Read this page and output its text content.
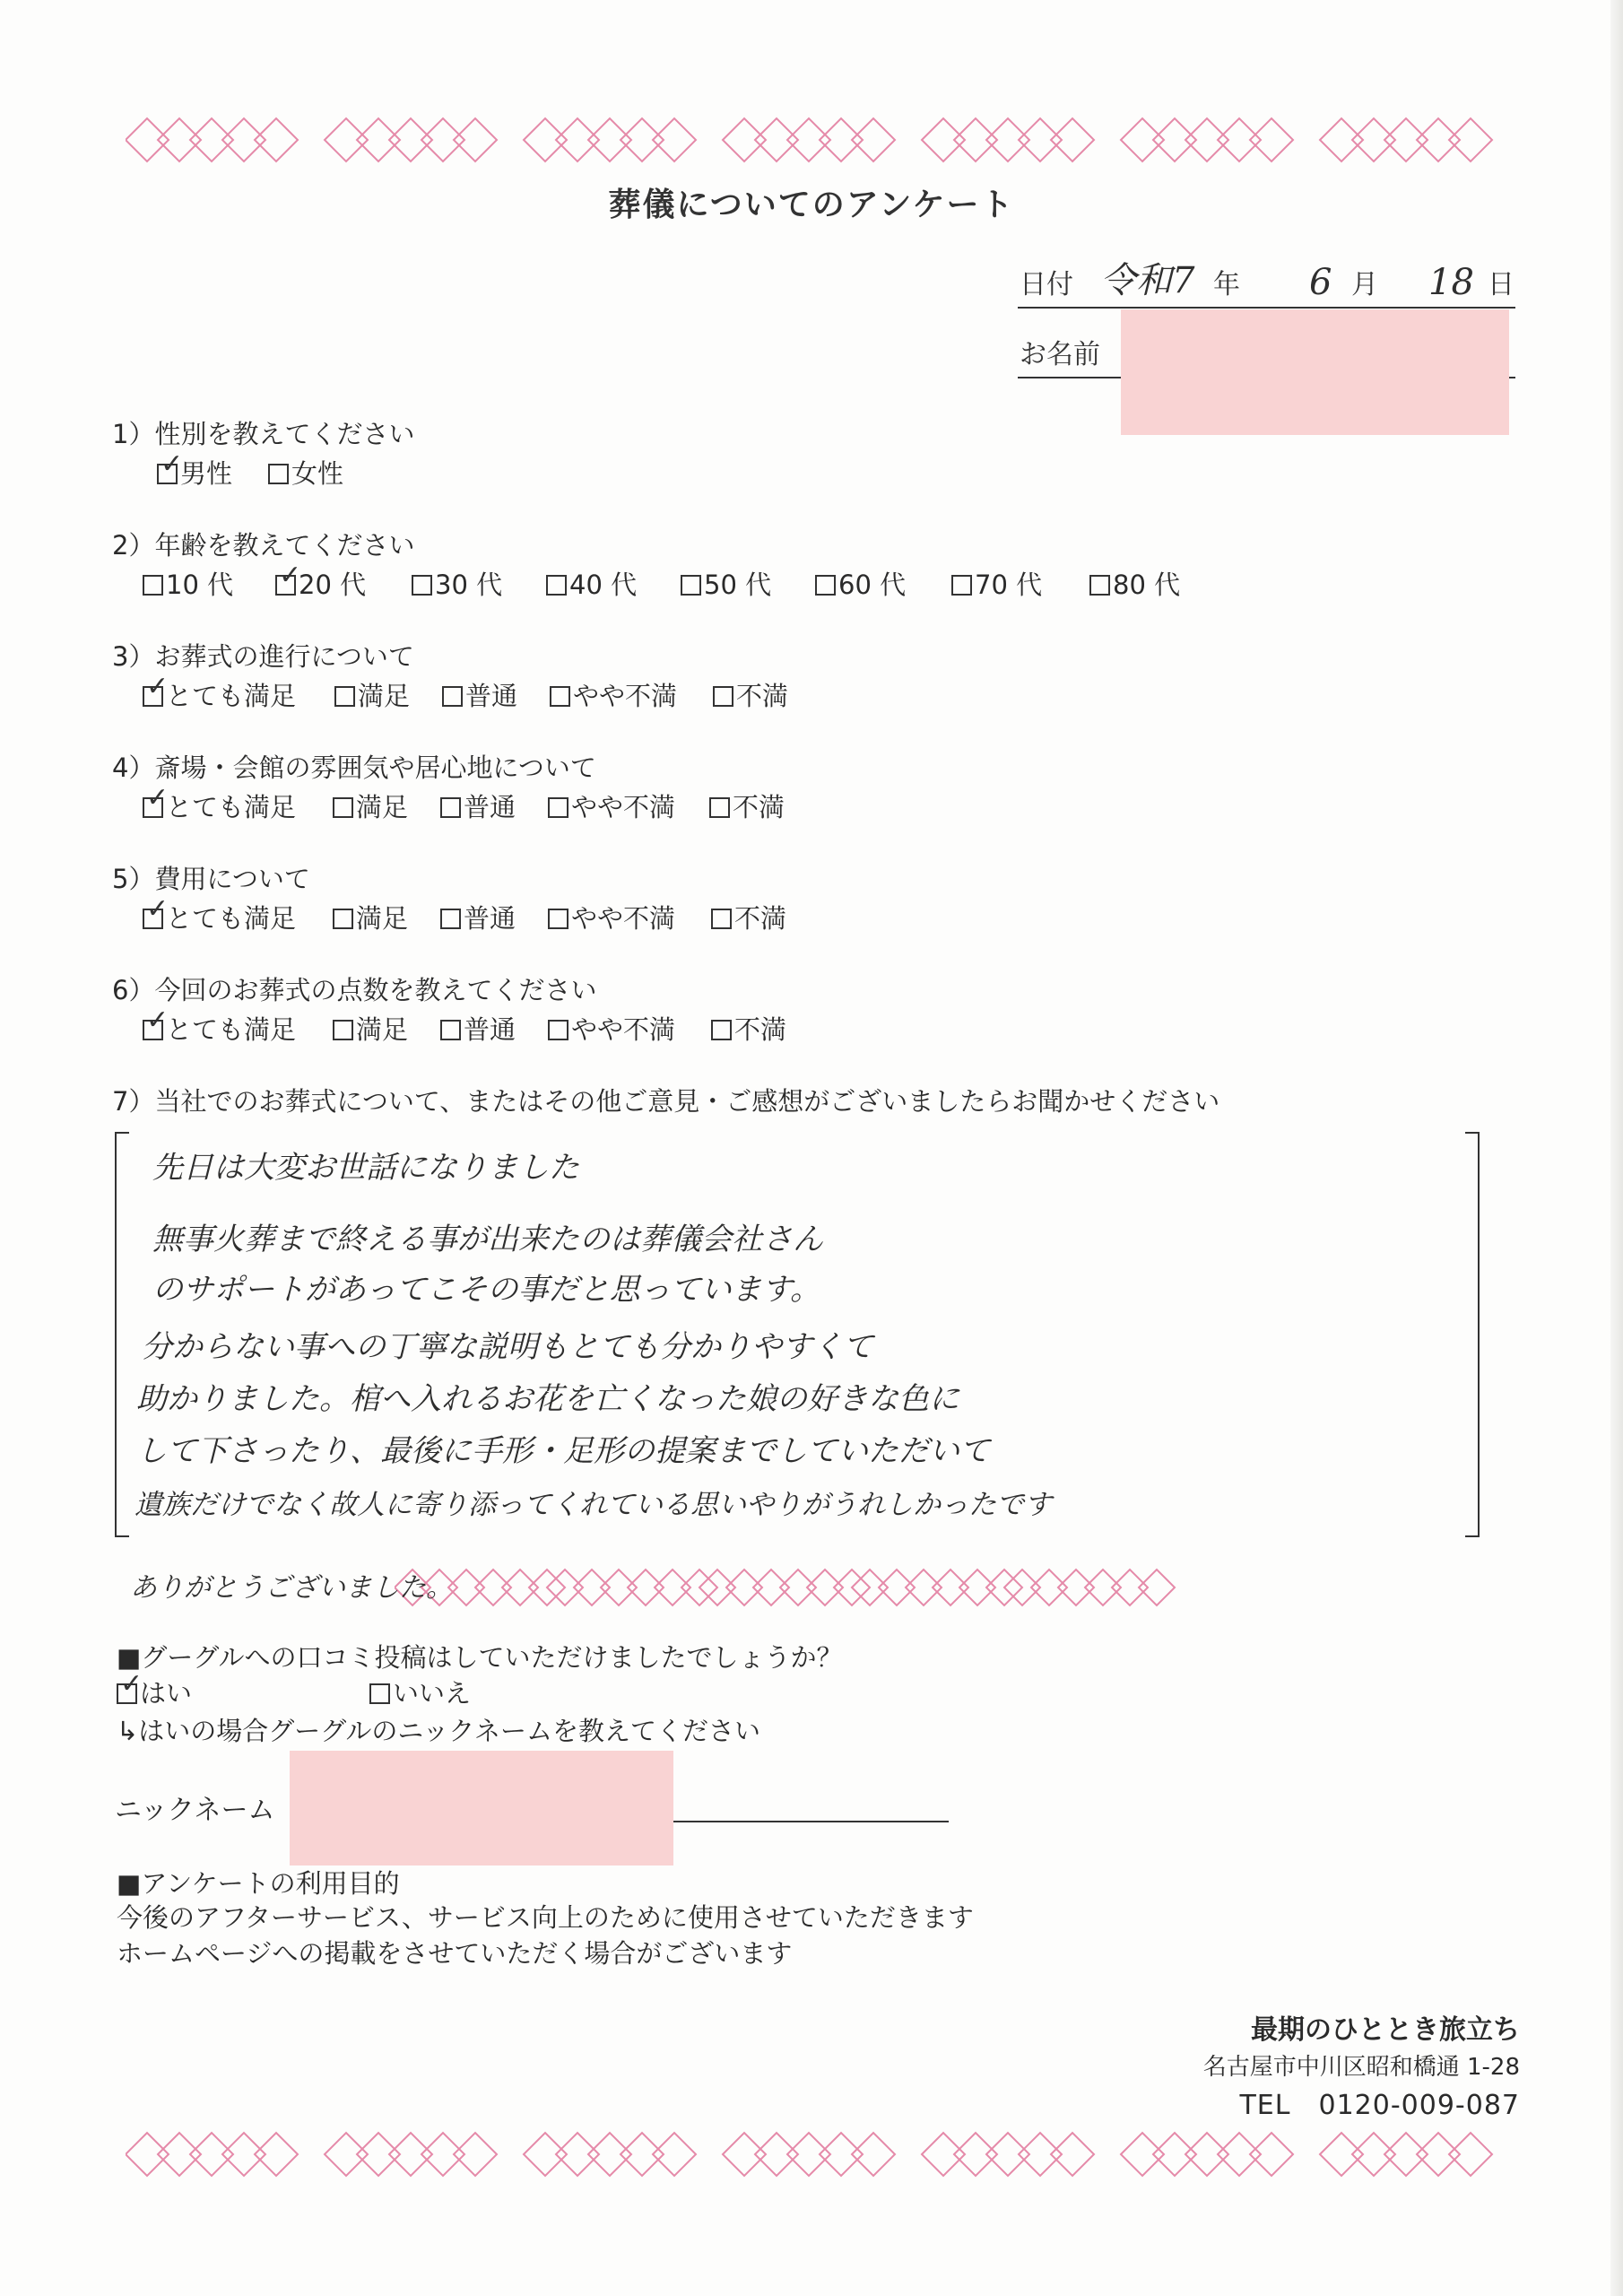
葬儀についてのアンケート
日付 令和7 年 6 月 18 日
お名前
1）性別を教えてください
✓
男性	女性
2）年齢を教えてください
10 代 ✓
20 代	30 代	40 代	50 代	60 代	70 代	80 代
3）お葬式の進行について
✓
とても満足	満足	普通	やや不満	不満
4）斎場・会館の雰囲気や居心地について
✓
とても満足	満足	普通	やや不満	不満
5）費用について
✓
とても満足	満足	普通	やや不満	不満
6）今回のお葬式の点数を教えてください
✓
とても満足	満足	普通	やや不満	不満
7）当社でのお葬式について、またはその他ご意見・ご感想がございましたらお聞かせください
先日は大変お世話になりました
無事火葬まで終える事が出来たのは葬儀会社さん
のサポートがあってこその事だと思っています。
分からない事への丁寧な説明もとても分かりやすくて
助かりました。棺へ入れるお花を亡くなった娘の好きな色に
して下さったり、最後に手形・足形の提案までしていただいて
遺族だけでなく故人に寄り添ってくれている思いやりがうれしかったです
ありがとうございました。
■グーグルへの口コミ投稿はしていただけましたでしょうか？
✓
はい	いいえ
↳はいの場合グーグルのニックネームを教えてください
ニックネーム
■アンケートの利用目的
今後のアフターサービス、サービス向上のために使用させていただきます
ホームページへの掲載をさせていただく場合がございます
最期のひととき旅立ち
名古屋市中川区昭和橋通 1-28
TEL　0120-009-087
